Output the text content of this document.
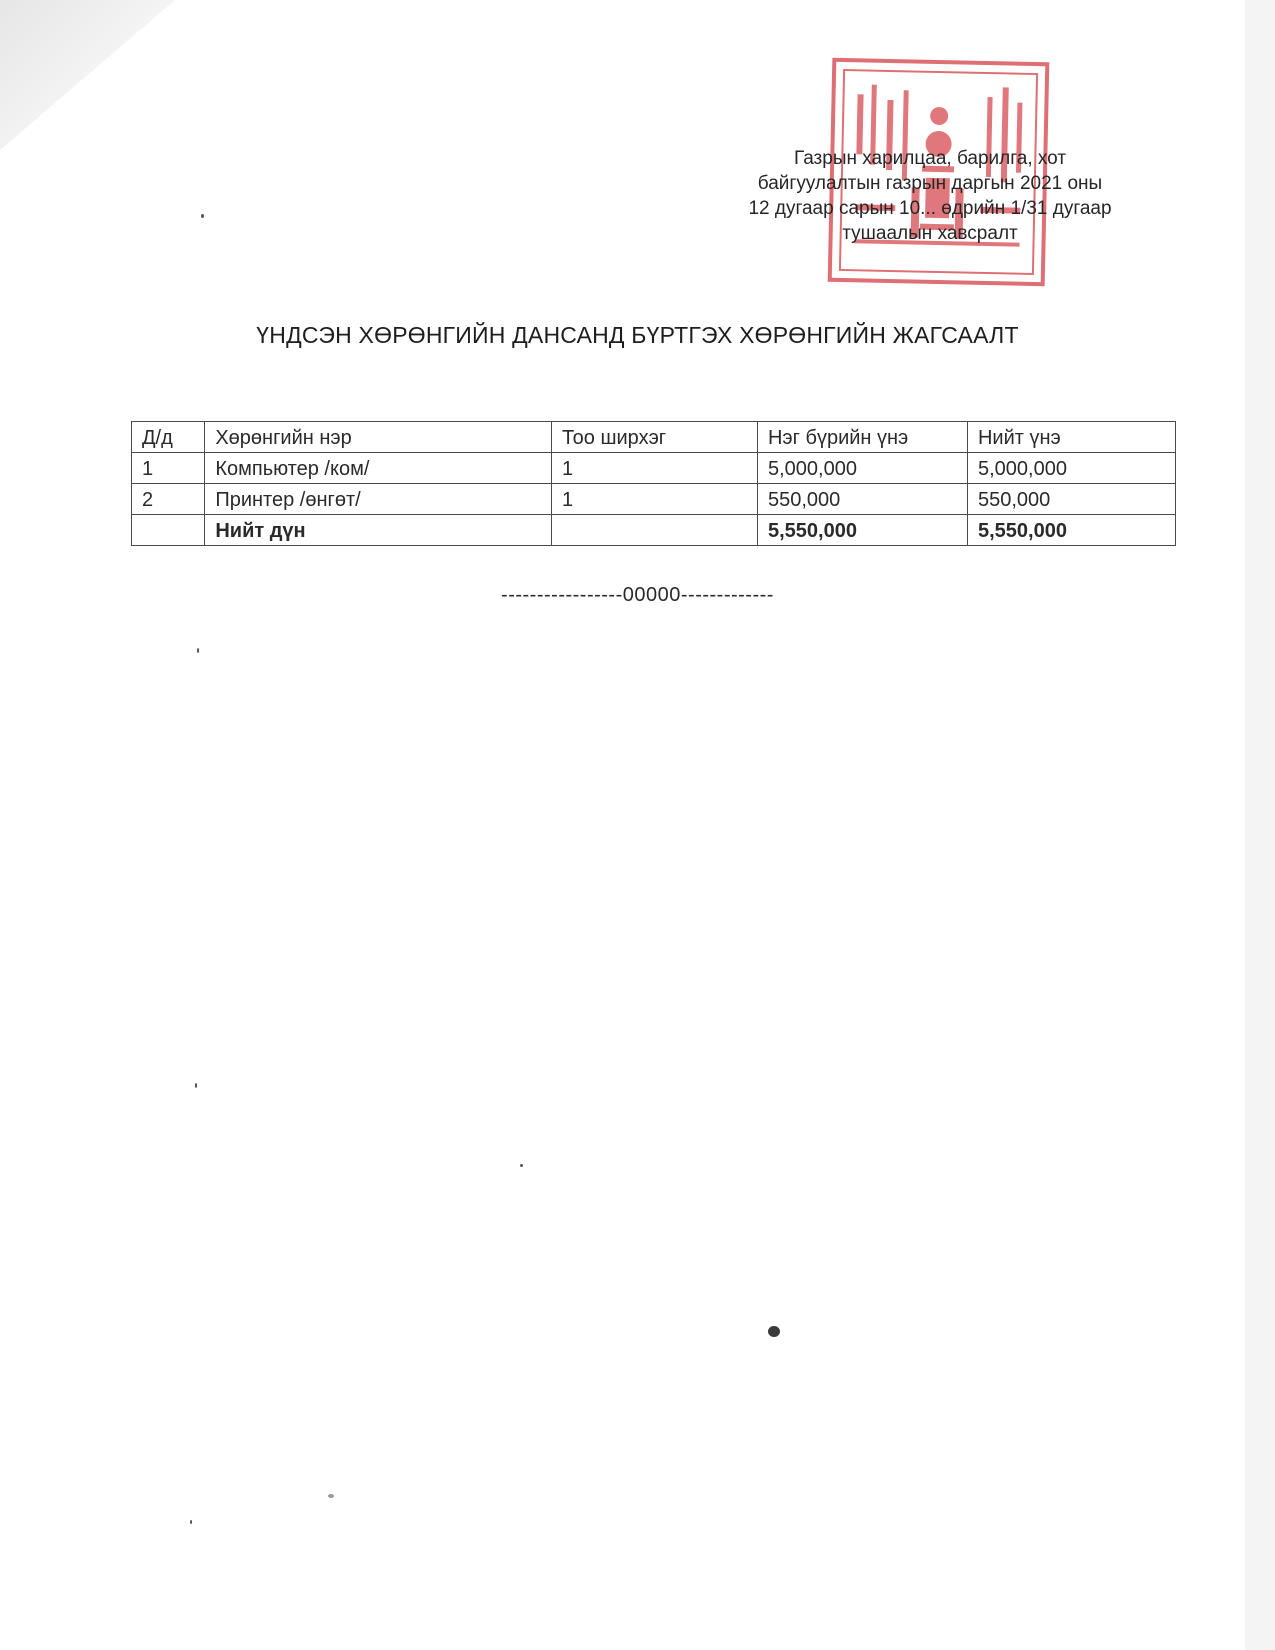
Газрын харилцаа, барилга, хот
байгуулалтын газрын даргын 2021 оны
12 дугаар сарын 10... өдрийн 1/31 дугаар
тушаалын хавсралт
ҮНДСЭН ХӨРӨНГИЙН ДАНСАНД БҮРТГЭХ ХӨРӨНГИЙН ЖАГСААЛТ
Д/д	Хөрөнгийн нэр	Тоо ширхэг	Нэг бүрийн үнэ	Нийт үнэ
1	Компьютер /ком/	1	5,000,000	5,000,000
2	Принтер /өнгөт/	1	550,000	550,000
	Нийт дүн		5,550,000	5,550,000
-----------------00000-------------
